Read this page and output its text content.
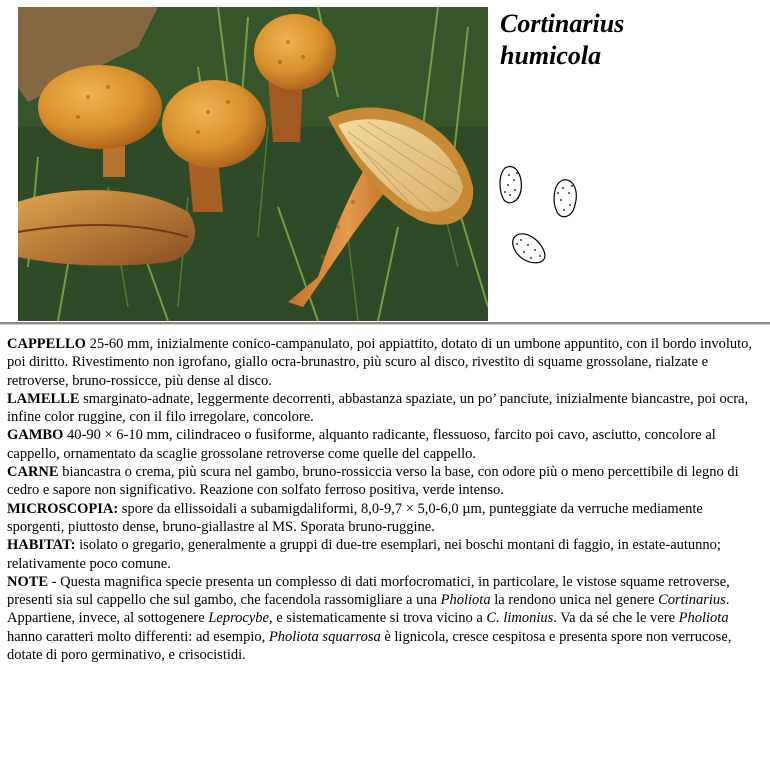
Cortinarius
humicola

CAPPELLO 25-60 mm, inizialmente conico-campanulato, poi appiattito, dotato di un umbone appuntito, con il bordo involuto, poi diritto. Rivestimento non igrofano, giallo ocra-brunastro, più scuro al disco, rivestito di squame grossolane, rialzate e retroverse, bruno-rossicce, più dense al disco.

LAMELLE smarginato-adnate, leggermente decorrenti, abbastanza spaziate, un po’ panciute, inizialmente biancastre, poi ocra, infine color ruggine, con il filo irregolare, concolore.

GAMBO 40-90 × 6-10 mm, cilindraceo o fusiforme, alquanto radicante, flessuoso, farcito poi cavo, asciutto, concolore al cappello, ornamentato da scaglie grossolane retroverse come quelle del cappello.

CARNE biancastra o crema, più scura nel gambo, bruno-rossiccia verso la base, con odore più o meno percettibile di legno di cedro e sapore non significativo. Reazione con solfato ferroso positiva, verde intenso.

MICROSCOPIA: spore da ellissoidali a subamigdaliformi, 8,0-9,7 × 5,0-6,0 µm, punteggiate da verruche mediamente sporgenti, piuttosto dense, bruno-giallastre al MS. Sporata bruno-ruggine.

HABITAT: isolato o gregario, generalmente a gruppi di due-tre esemplari, nei boschi montani di faggio, in estate-autunno; relativamente poco comune.

NOTE - Questa magnifica specie presenta un complesso di dati morfocromatici, in particolare, le vistose squame retroverse, presenti sia sul cappello che sul gambo, che facendola rassomigliare a una Pholiota la rendono unica nel genere Cortinarius. Appartiene, invece, al sottogenere Leprocybe, e sistematicamente si trova vicino a C. limonius. Va da sé che le vere Pholiota hanno caratteri molto differenti: ad esempio, Pholiota squarrosa è lignicola, cresce cespitosa e presenta spore non verrucose, dotate di poro germinativo, e crisocistidi.
